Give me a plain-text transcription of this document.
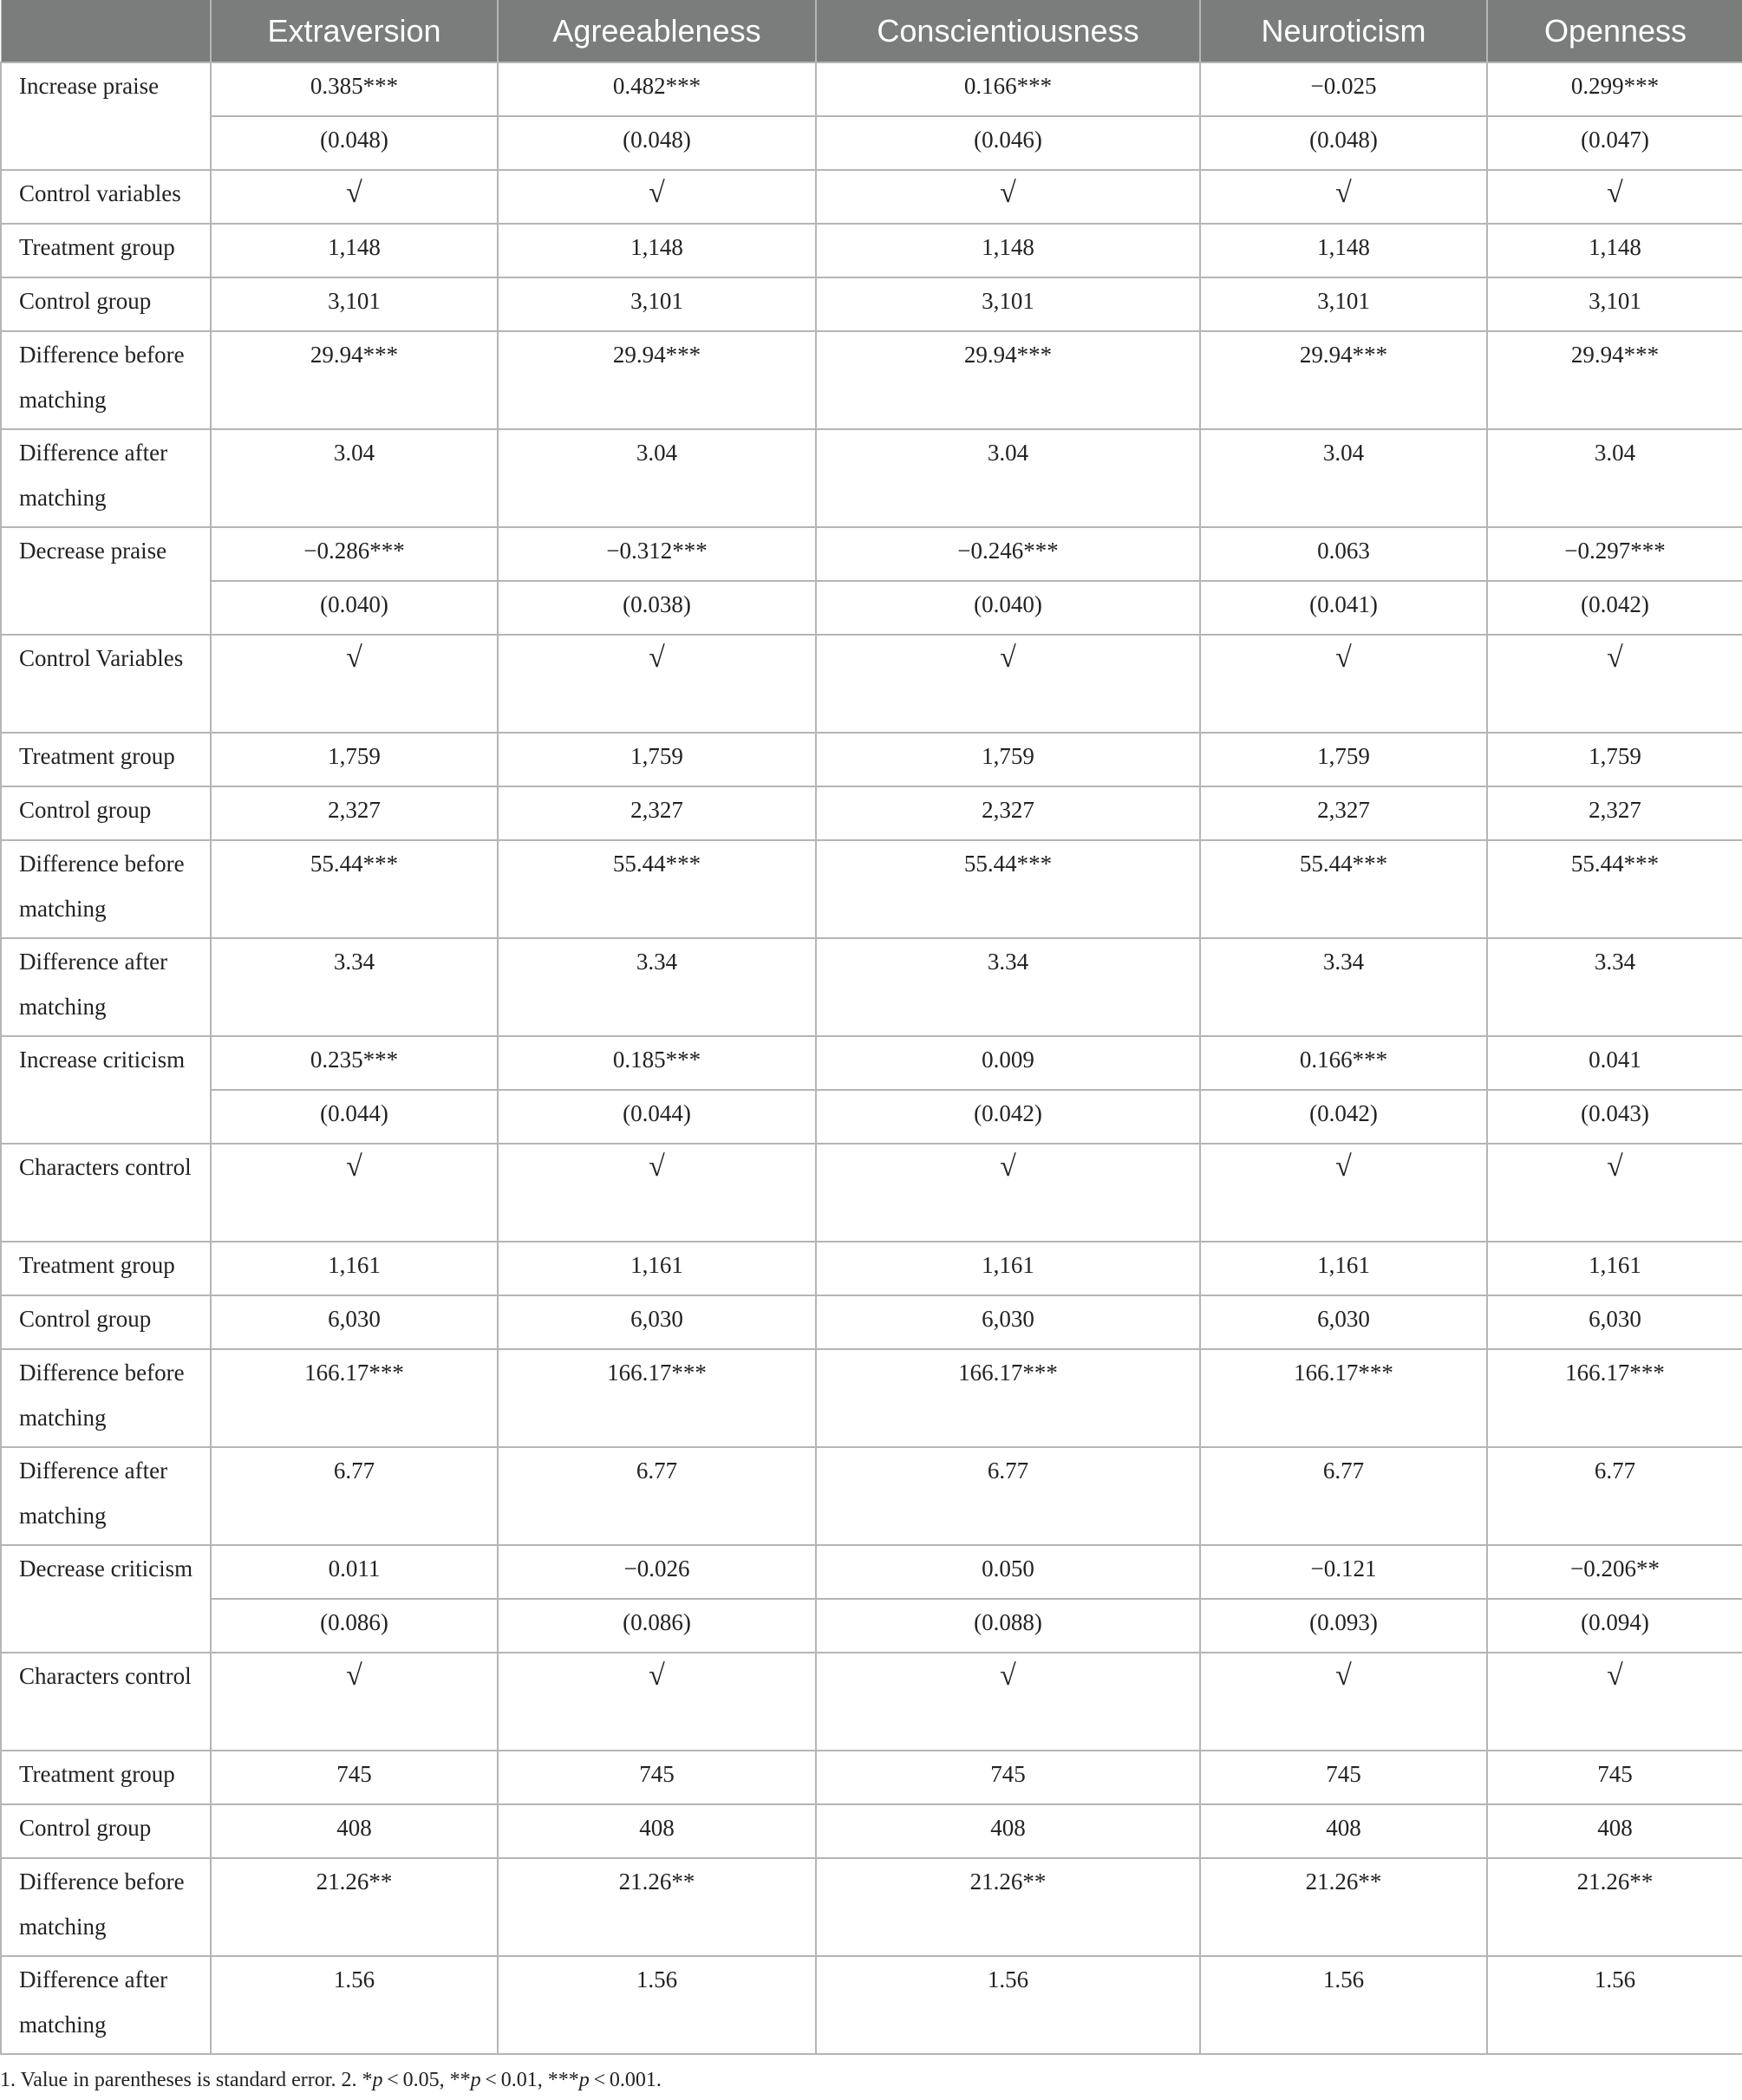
	Extraversion	Agreeableness	Conscientiousness	Neuroticism	Openness
Increase praise	0.385***	0.482***	0.166***	−0.025	0.299***
	(0.048)	(0.048)	(0.046)	(0.048)	(0.047)
Control variables	√	√	√	√	√
Treatment group	1,148	1,148	1,148	1,148	1,148
Control group	3,101	3,101	3,101	3,101	3,101
Difference before matching	29.94***	29.94***	29.94***	29.94***	29.94***
Difference after matching	3.04	3.04	3.04	3.04	3.04
Decrease praise	−0.286***	−0.312***	−0.246***	0.063	−0.297***
	(0.040)	(0.038)	(0.040)	(0.041)	(0.042)
Control Variables	√	√	√	√	√
Treatment group	1,759	1,759	1,759	1,759	1,759
Control group	2,327	2,327	2,327	2,327	2,327
Difference before matching	55.44***	55.44***	55.44***	55.44***	55.44***
Difference after matching	3.34	3.34	3.34	3.34	3.34
Increase criticism	0.235***	0.185***	0.009	0.166***	0.041
	(0.044)	(0.044)	(0.042)	(0.042)	(0.043)
Characters control	√	√	√	√	√
Treatment group	1,161	1,161	1,161	1,161	1,161
Control group	6,030	6,030	6,030	6,030	6,030
Difference before matching	166.17***	166.17***	166.17***	166.17***	166.17***
Difference after matching	6.77	6.77	6.77	6.77	6.77
Decrease criticism	0.011	−0.026	0.050	−0.121	−0.206**
	(0.086)	(0.086)	(0.088)	(0.093)	(0.094)
Characters control	√	√	√	√	√
Treatment group	745	745	745	745	745
Control group	408	408	408	408	408
Difference before matching	21.26**	21.26**	21.26**	21.26**	21.26**
Difference after matching	1.56	1.56	1.56	1.56	1.56
1. Value in parentheses is standard error. 2. *p < 0.05, **p < 0.01, ***p < 0.001.
